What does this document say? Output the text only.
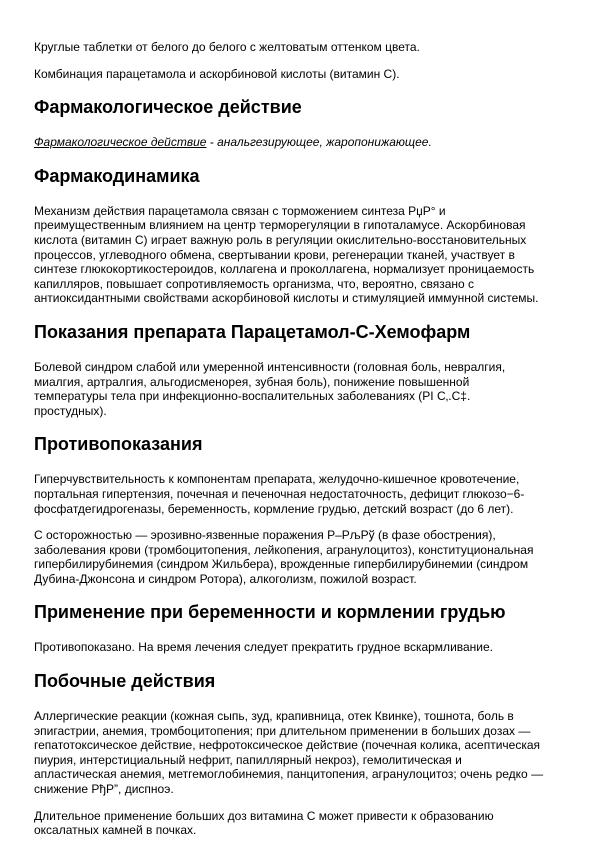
Круглые таблетки от белого до белого с желтоватым оттенком цвета.

Комбинация парацетамола и аскорбиновой кислоты (витамин С).

Фармакологическое действие

Фармакологическое действие - анальгезирующее, жаропонижающее.

Фармакодинамика

Механизм действия парацетамола связан с торможением синтеза РџР° и
преимущественным влиянием на центр терморегуляции в гипоталамусе. Аскорбиновая
кислота (витамин С) играет важную роль в регуляции окислительно-восстановительных
процессов, углеводного обмена, свертывании крови, регенерации тканей, участвует в
синтезе глюкокортикостероидов, коллагена и проколлагена, нормализует проницаемость
капилляров, повышает сопротивляемость организма, что, вероятно, связано с
антиоксидантными свойствами аскорбиновой кислоты и стимуляцией иммунной системы.

Показания препарата Парацетамол-С-Хемофарм

Болевой синдром слабой или умеренной интенсивности (головная боль, невралгия,
миалгия, артралгия, альгодисменорея, зубная боль), понижение повышенной
температуры тела при инфекционно-воспалительных заболеваниях (РІ С‚.С‡.
простудных).

Противопоказания

Гиперчувствительность к компонентам препарата, желудочно-кишечное кровотечение,
портальная гипертензия, почечная и печеночная недостаточность, дефицит глюкозо−6-
фосфатдегидрогеназы, беременность, кормление грудью, детский возраст (до 6 лет).

С осторожностью — эрозивно-язвенные поражения Р–РљРў (в фазе обострения),
заболевания крови (тромбоцитопения, лейкопения, агранулоцитоз), конституциональная
гипербилирубинемия (синдром Жильбера), врожденные гипербилирубинемии (синдром
Дубина-Джонсона и синдром Ротора), алкоголизм, пожилой возраст.

Применение при беременности и кормлении грудью

Противопоказано. На время лечения следует прекратить грудное вскармливание.

Побочные действия

Аллергические реакции (кожная сыпь, зуд, крапивница, отек Квинке), тошнота, боль в
эпигастрии, анемия, тромбоцитопения; при длительном применении в больших дозах —
гепатотоксическое действие, нефротоксическое действие (почечная колика, асептическая
пиурия, интерстициальный нефрит, папиллярный некроз), гемолитическая и
апластическая анемия, метгемоглобинемия, панцитопения, агранулоцитоз; очень редко —
снижение РђР”, диспноэ.

Длительное применение больших доз витамина С может привести к образованию
оксалатных камней в почках.
